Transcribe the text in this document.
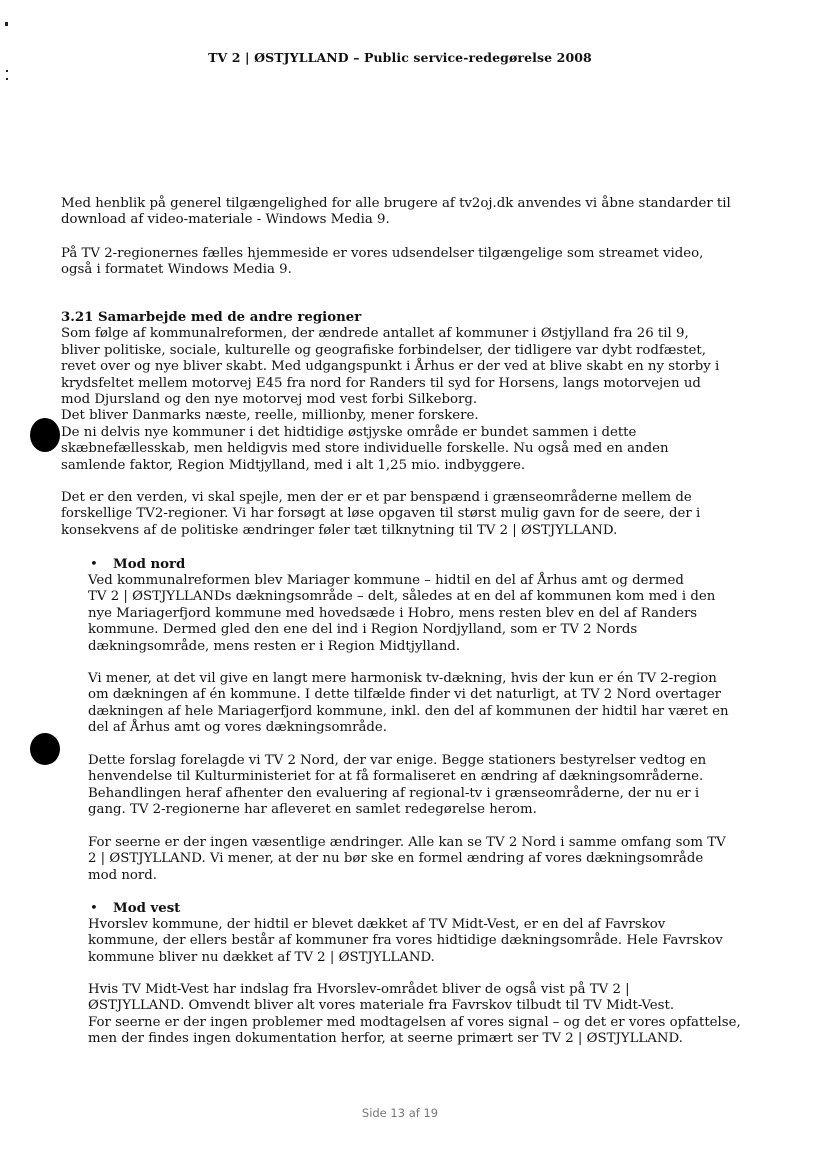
TV 2 | ØSTJYLLAND – Public service-redegørelse 2008
Med henblik på generel tilgængelighed for alle brugere af tv2oj.dk anvendes vi åbne standarder til
download af video-materiale - Windows Media 9.
På TV 2-regionernes fælles hjemmeside er vores udsendelser tilgængelige som streamet video,
også i formatet Windows Media 9.
3.21 Samarbejde med de andre regioner
Som følge af kommunalreformen, der ændrede antallet af kommuner i Østjylland fra 26 til 9,
bliver politiske, sociale, kulturelle og geografiske forbindelser, der tidligere var dybt rodfæstet,
revet over og nye bliver skabt. Med udgangspunkt i Århus er der ved at blive skabt en ny storby i
krydsfeltet mellem motorvej E45 fra nord for Randers til syd for Horsens, langs motorvejen ud
mod Djursland og den nye motorvej mod vest forbi Silkeborg.
Det bliver Danmarks næste, reelle, millionby, mener forskere.
De ni delvis nye kommuner i det hidtidige østjyske område er bundet sammen i dette
skæbnefællesskab, men heldigvis med store individuelle forskelle. Nu også med en anden
samlende faktor, Region Midtjylland, med i alt 1,25 mio. indbyggere.
Det er den verden, vi skal spejle, men der er et par benspænd i grænseområderne mellem de
forskellige TV2-regioner. Vi har forsøgt at løse opgaven til størst mulig gavn for de seere, der i
konsekvens af de politiske ændringer føler tæt tilknytning til TV 2 | ØSTJYLLAND.
• Mod nord
Ved kommunalreformen blev Mariager kommune – hidtil en del af Århus amt og dermed
TV 2 | ØSTJYLLANDs dækningsområde – delt, således at en del af kommunen kom med i den
nye Mariagerfjord kommune med hovedsæde i Hobro, mens resten blev en del af Randers
kommune. Dermed gled den ene del ind i Region Nordjylland, som er TV 2 Nords
dækningsområde, mens resten er i Region Midtjylland.
Vi mener, at det vil give en langt mere harmonisk tv-dækning, hvis der kun er én TV 2-region
om dækningen af én kommune. I dette tilfælde finder vi det naturligt, at TV 2 Nord overtager
dækningen af hele Mariagerfjord kommune, inkl. den del af kommunen der hidtil har været en
del af Århus amt og vores dækningsområde.
Dette forslag forelagde vi TV 2 Nord, der var enige. Begge stationers bestyrelser vedtog en
henvendelse til Kulturministeriet for at få formaliseret en ændring af dækningsområderne.
Behandlingen heraf afhenter den evaluering af regional-tv i grænseområderne, der nu er i
gang. TV 2-regionerne har afleveret en samlet redegørelse herom.
For seerne er der ingen væsentlige ændringer. Alle kan se TV 2 Nord i samme omfang som TV
2 | ØSTJYLLAND. Vi mener, at der nu bør ske en formel ændring af vores dækningsområde
mod nord.
• Mod vest
Hvorslev kommune, der hidtil er blevet dækket af TV Midt-Vest, er en del af Favrskov
kommune, der ellers består af kommuner fra vores hidtidige dækningsområde. Hele Favrskov
kommune bliver nu dækket af TV 2 | ØSTJYLLAND.
Hvis TV Midt-Vest har indslag fra Hvorslev-området bliver de også vist på TV 2 |
ØSTJYLLAND. Omvendt bliver alt vores materiale fra Favrskov tilbudt til TV Midt-Vest.
For seerne er der ingen problemer med modtagelsen af vores signal – og det er vores opfattelse,
men der findes ingen dokumentation herfor, at seerne primært ser TV 2 | ØSTJYLLAND.
Side 13 af 19
